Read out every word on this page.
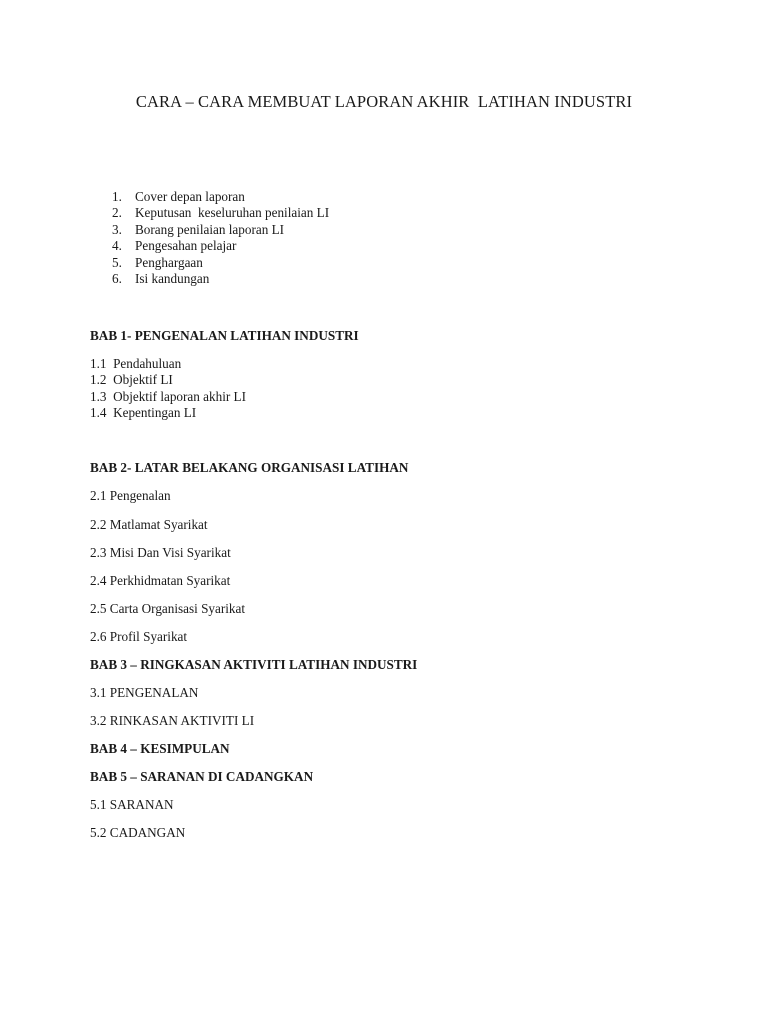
CARA – CARA MEMBUAT LAPORAN AKHIR  LATIHAN INDUSTRI
1. Cover depan laporan
2. Keputusan  keseluruhan penilaian LI
3. Borang penilaian laporan LI
4. Pengesahan pelajar
5. Penghargaan
6. Isi kandungan
BAB 1- PENGENALAN LATIHAN INDUSTRI
1.1  Pendahuluan
1.2  Objektif LI
1.3  Objektif laporan akhir LI
1.4  Kepentingan LI
BAB 2- LATAR BELAKANG ORGANISASI LATIHAN
2.1 Pengenalan
2.2 Matlamat Syarikat
2.3 Misi Dan Visi Syarikat
2.4 Perkhidmatan Syarikat
2.5 Carta Organisasi Syarikat
2.6 Profil Syarikat
BAB 3 – RINGKASAN AKTIVITI LATIHAN INDUSTRI
3.1 PENGENALAN
3.2 RINKASAN AKTIVITI LI
BAB 4 – KESIMPULAN
BAB 5 – SARANAN DI CADANGKAN
5.1 SARANAN
5.2 CADANGAN
